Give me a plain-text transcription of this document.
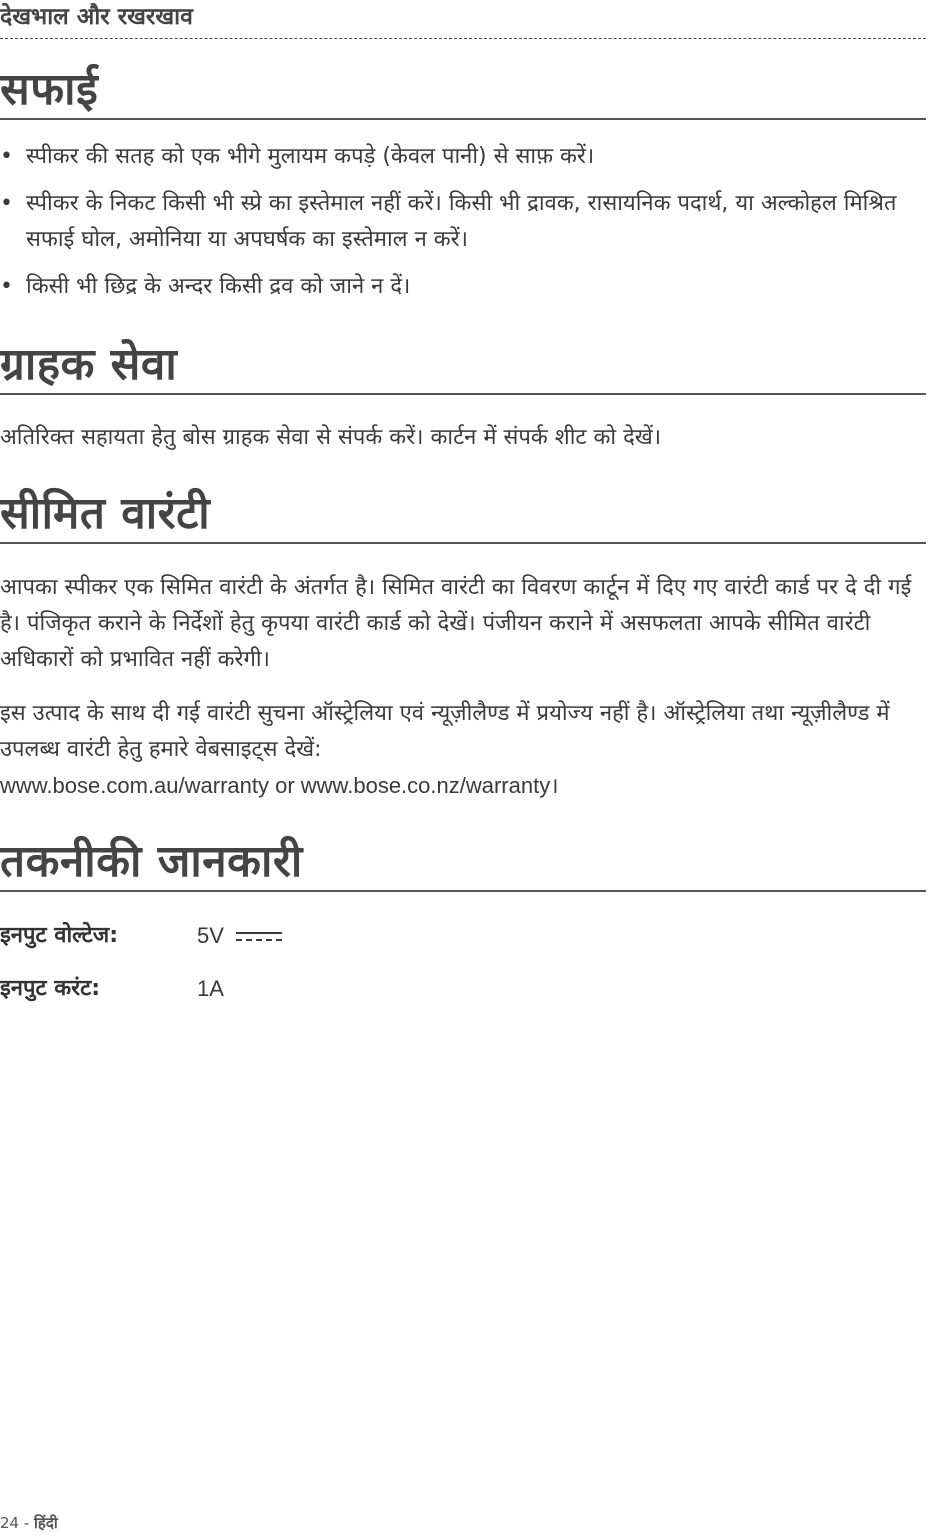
देखभाल और रखरखाव
सफाई
• स्पीकर की सतह को एक भीगे मुलायम कपड़े (केवल पानी) से साफ़ करें।
• स्पीकर के निकट किसी भी स्प्रे का इस्तेमाल नहीं करें। किसी भी द्रावक, रासायनिक पदार्थ, या अल्कोहल मिश्रित सफाई घोल, अमोनिया या अपघर्षक का इस्तेमाल न करें।
• किसी भी छिद्र के अन्दर किसी द्रव को जाने न दें।
ग्राहक सेवा

अतिरिक्त सहायता हेतु बोस ग्राहक सेवा से संपर्क करें। कार्टन में संपर्क शीट को देखें।

सीमित वारंटी

आपका स्पीकर एक सिमित वारंटी के अंतर्गत है। सिमित वारंटी का विवरण कार्टून में दिए गए वारंटी कार्ड पर दे दी गई है। पंजिकृत कराने के निर्देशों हेतु कृपया वारंटी कार्ड को देखें। पंजीयन कराने में असफलता आपके सीमित वारंटी अधिकारों को प्रभावित नहीं करेगी।

इस उत्पाद के साथ दी गई वारंटी सुचना ऑस्ट्रेलिया एवं न्यूज़ीलैण्ड में प्रयोज्य नहीं है। ऑस्ट्रेलिया तथा न्यूज़ीलैण्ड में उपलब्ध वारंटी हेतु हमारे वेबसाइट्स देखें:
www.bose.com.au/warranty or www.bose.co.nz/warranty।
तकनीकी जानकारी
इनपुट वोल्टेज:	5V
इनपुट करंट:	1A
24 - हिंदी
